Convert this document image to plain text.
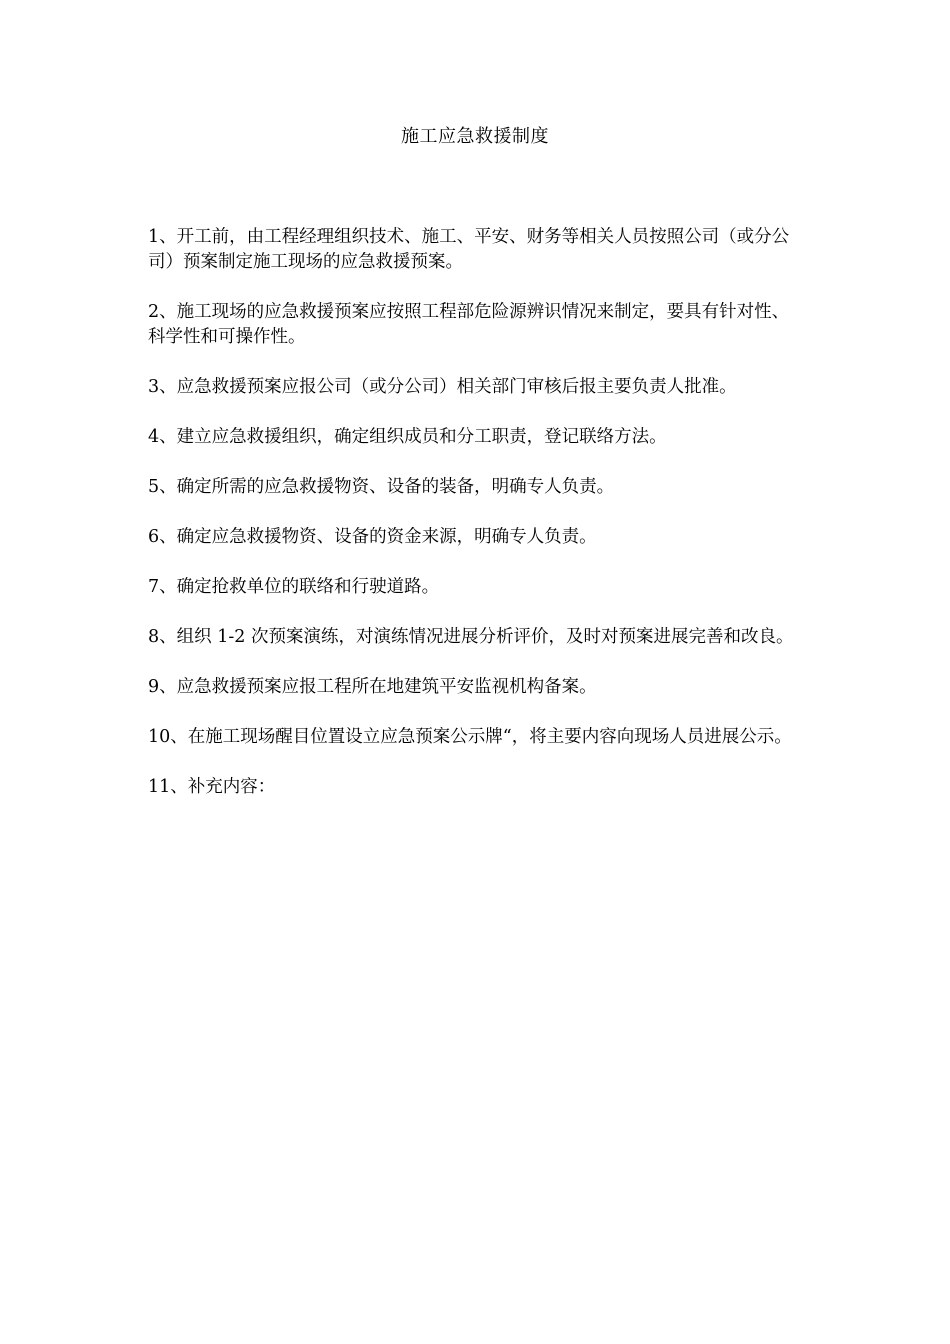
施工应急救援制度

1、开工前，由工程经理组织技术、施工、平安、财务等相关人员按照公司（或分公司）预案制定施工现场的应急救援预案。

2、施工现场的应急救援预案应按照工程部危险源辨识情况来制定，要具有针对性、科学性和可操作性。

3、应急救援预案应报公司（或分公司）相关部门审核后报主要负责人批准。

4、建立应急救援组织，确定组织成员和分工职责，登记联络方法。

5、确定所需的应急救援物资、设备的装备，明确专人负责。

6、确定应急救援物资、设备的资金来源，明确专人负责。

7、确定抢救单位的联络和行驶道路。

8、组织 1-2 次预案演练，对演练情况进展分析评价，及时对预案进展完善和改良。

9、应急救援预案应报工程所在地建筑平安监视机构备案。

10、在施工现场醒目位置设立应急预案公示牌“，将主要内容向现场人员进展公示。

11、补充内容：
